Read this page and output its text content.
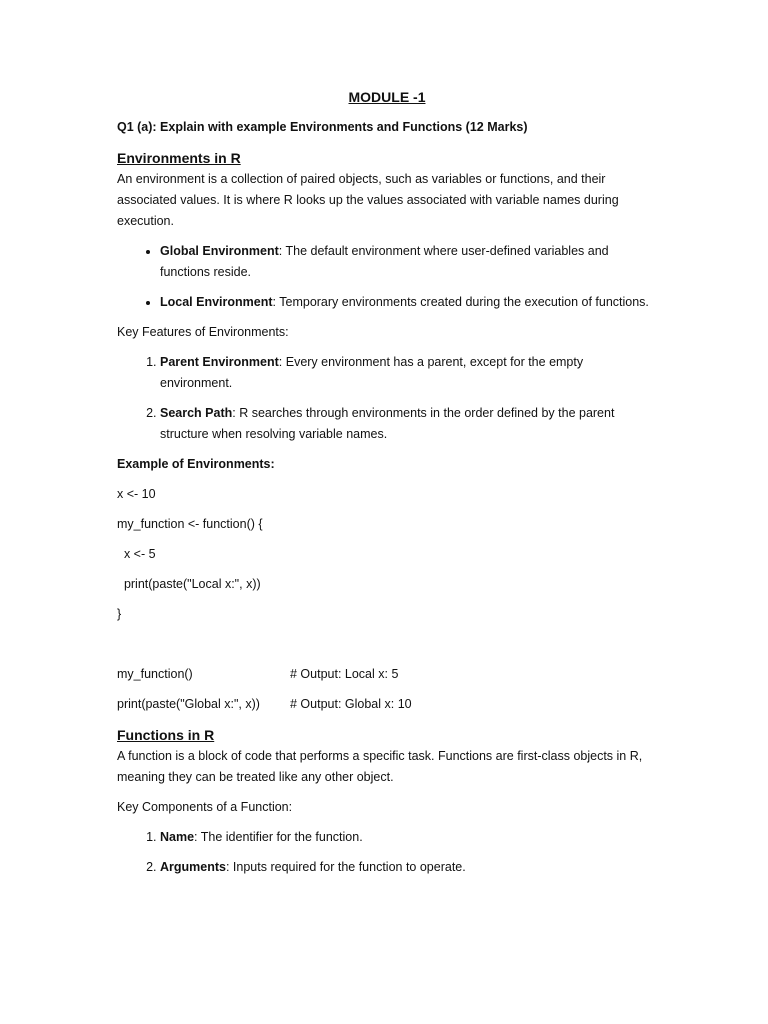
MODULE -1
Q1 (a): Explain with example Environments and Functions (12 Marks)
Environments in R

An environment is a collection of paired objects, such as variables or functions, and their associated values. It is where R looks up the values associated with variable names during execution.

• Global Environment: The default environment where user-defined variables and functions reside.
• Local Environment: Temporary environments created during the execution of functions.

Key Features of Environments:

1. Parent Environment: Every environment has a parent, except for the empty environment.
2. Search Path: R searches through environments in the order defined by the parent structure when resolving variable names.

Example of Environments:

x <- 10
my_function <- function() {
x <- 5
print(paste("Local x:", x))
}
my_function()	# Output: Local x: 5
print(paste("Global x:", x))	# Output: Global x: 10
Functions in R

A function is a block of code that performs a specific task. Functions are first-class objects in R, meaning they can be treated like any other object.

Key Components of a Function:

1. Name: The identifier for the function.
2. Arguments: Inputs required for the function to operate.
